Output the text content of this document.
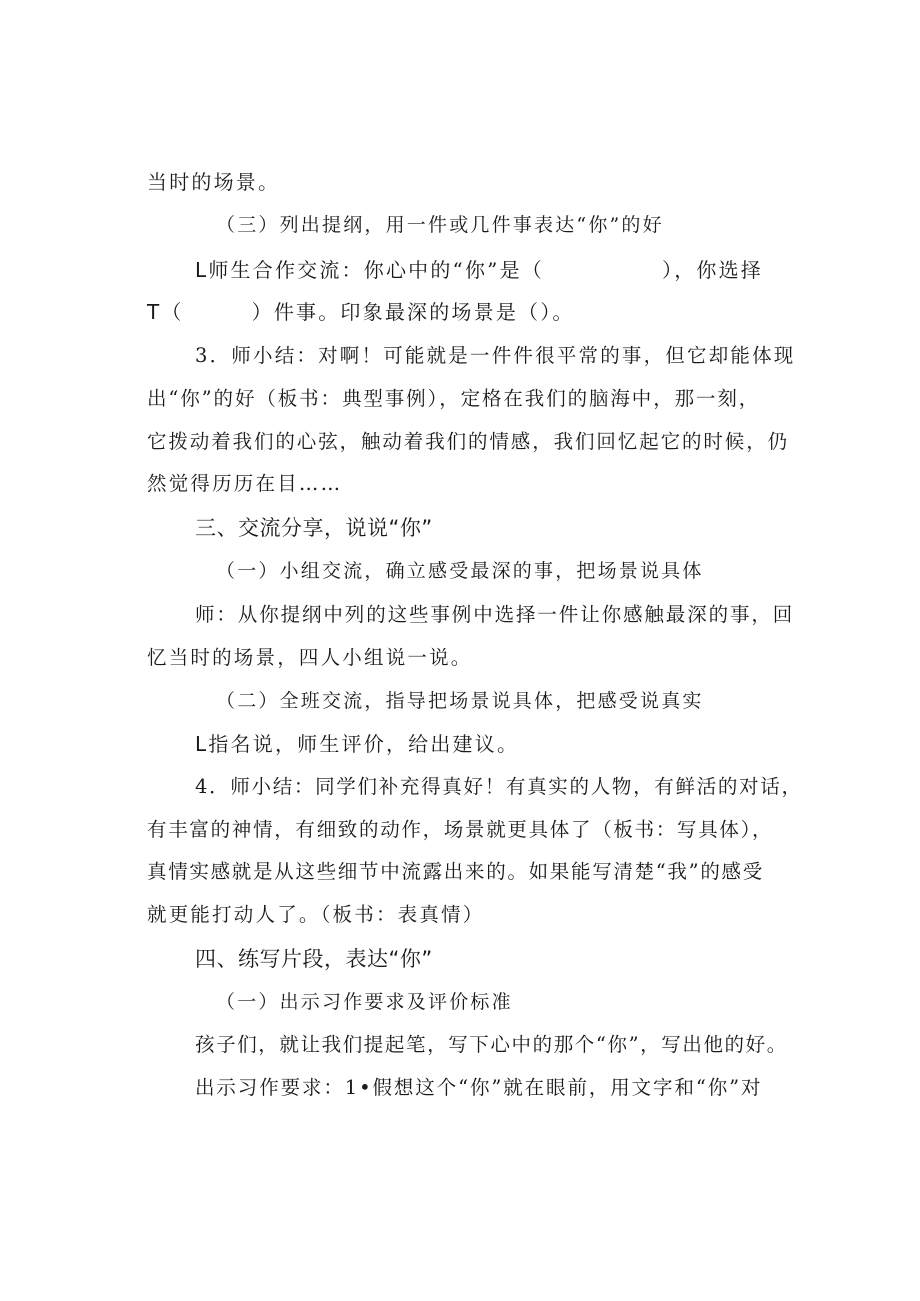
当时的场景。
（三）列出提纲，用一件或几件事表达“你”的好
L师生合作交流：你心中的“你”是（	），你选择
T（	）件事。印象最深的场景是（）。
3．师小结：对啊！可能就是一件件很平常的事，但它却能体现
出“你”的好（板书：典型事例），定格在我们的脑海中，那一刻，
它拨动着我们的心弦，触动着我们的情感，我们回忆起它的时候，仍
然觉得历历在目……
三、交流分享，说说“你”
（一）小组交流，确立感受最深的事，把场景说具体
师：从你提纲中列的这些事例中选择一件让你感触最深的事，回
忆当时的场景，四人小组说一说。
（二）全班交流，指导把场景说具体，把感受说真实
L指名说，师生评价，给出建议。
4．师小结：同学们补充得真好！有真实的人物，有鲜活的对话，
有丰富的神情，有细致的动作，场景就更具体了（板书：写具体），
真情实感就是从这些细节中流露出来的。如果能写清楚“我”的感受
就更能打动人了。（板书：表真情）
四、练写片段，表达“你”
（一）出示习作要求及评价标准
孩子们，就让我们提起笔，写下心中的那个“你”，写出他的好。
出示习作要求：1•假想这个“你”就在眼前，用文字和“你”对
